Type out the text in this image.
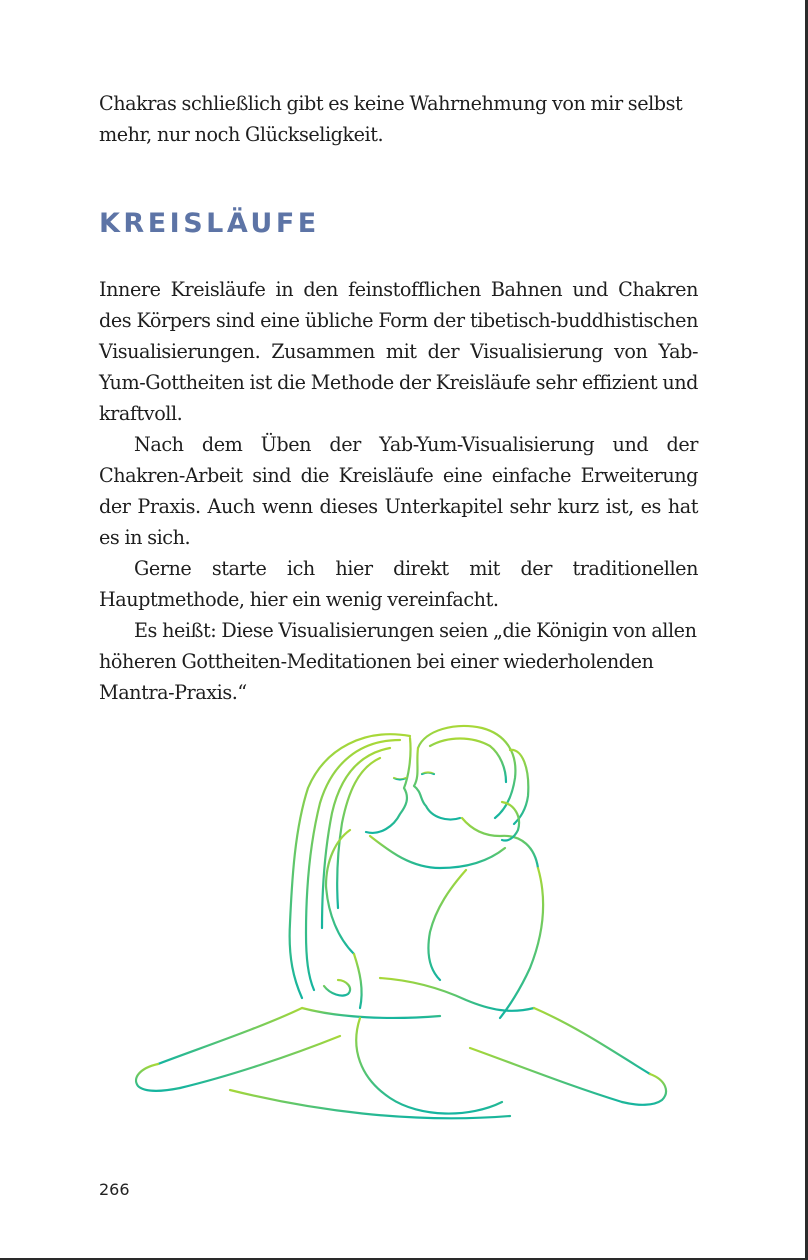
Chakras schließlich gibt es keine Wahrnehmung von mir selbst mehr, nur noch Glückseligkeit.

KREISLÄUFE

Innere Kreisläufe in den feinstofflichen Bahnen und Chakren des Körpers sind eine übliche Form der tibetisch-buddhistischen Visualisierungen. Zusammen mit der Visualisierung von Yab-Yum-Gottheiten ist die Methode der Kreisläufe sehr effizient und kraftvoll.

Nach dem Üben der Yab-Yum-Visualisierung und der Chakren-Arbeit sind die Kreisläufe eine einfache Erweiterung der Praxis. Auch wenn dieses Unterkapitel sehr kurz ist, es hat es in sich.

Gerne starte ich hier direkt mit der traditionellen Hauptmethode, hier ein wenig vereinfacht.

Es heißt: Diese Visualisierungen seien „die Königin von allen höheren Gottheiten-Meditationen bei einer wiederholenden Mantra-Praxis.“

266
